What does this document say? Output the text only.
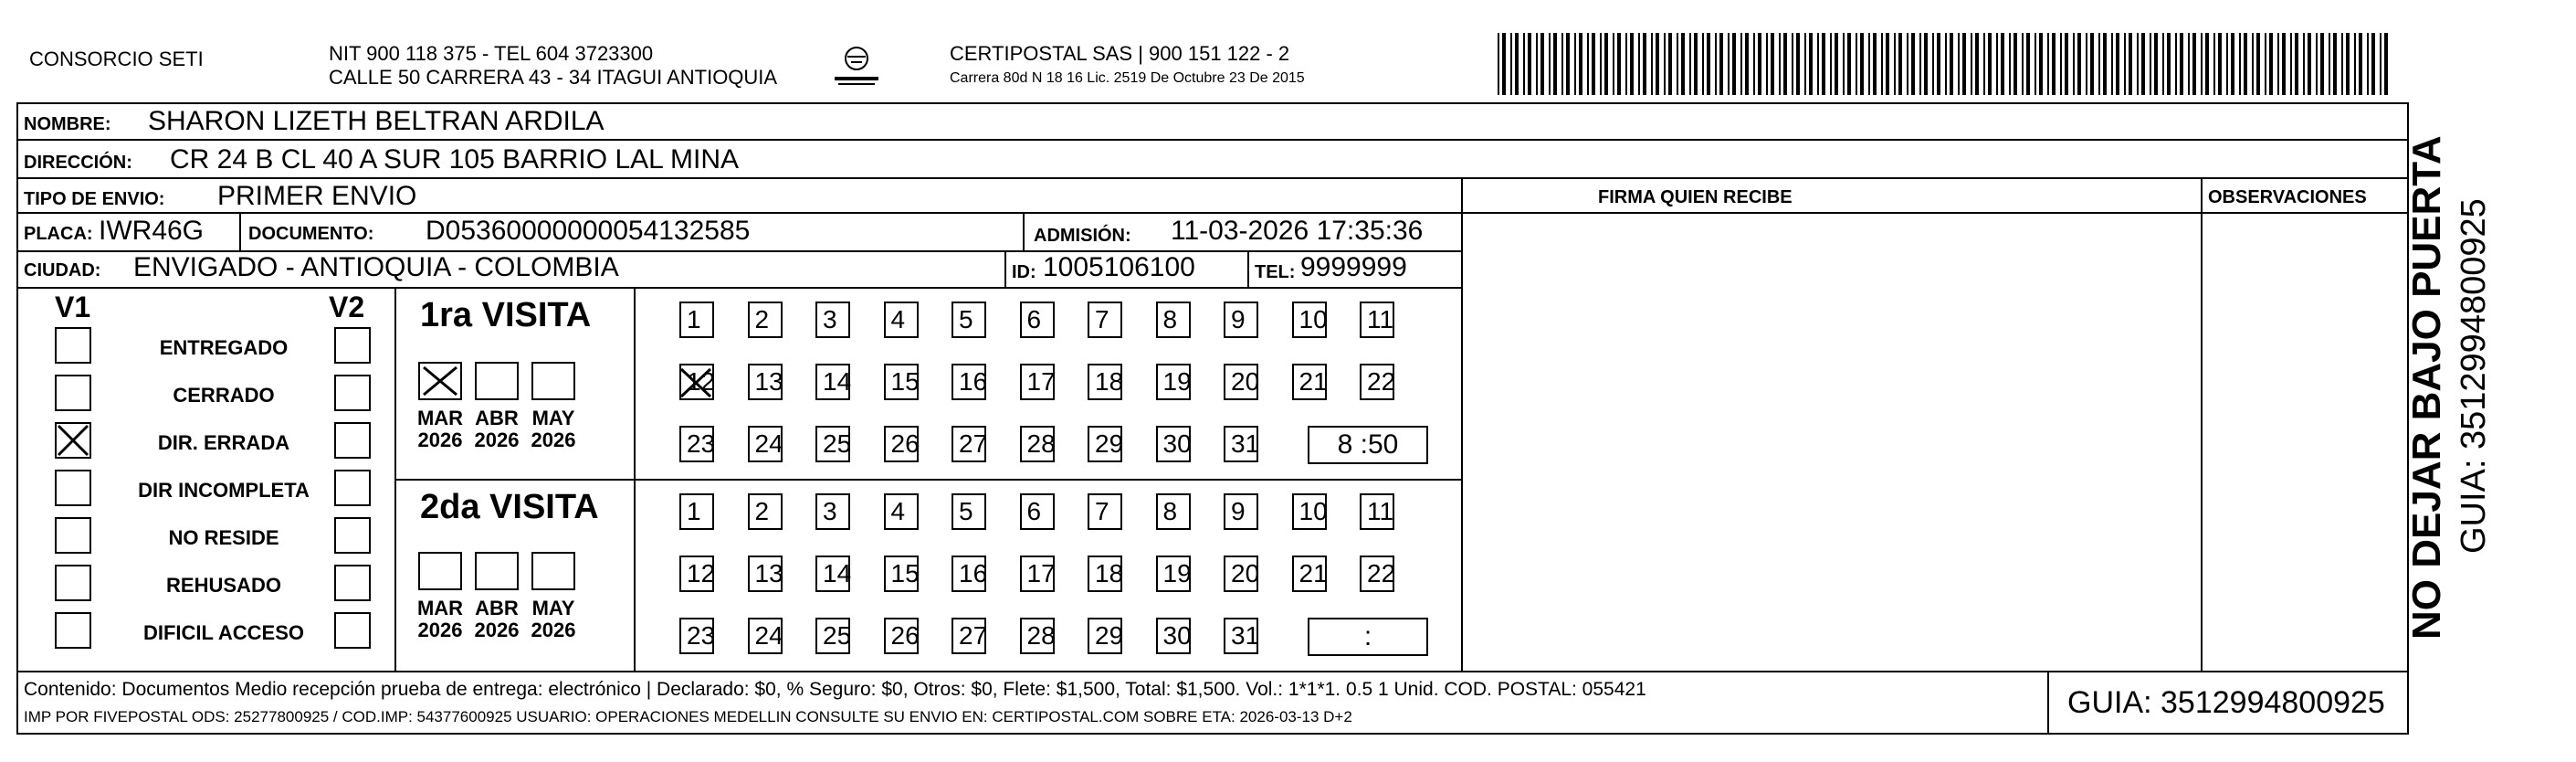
CONSORCIO SETI	NIT 900 118 375 - TEL 604 3723300
CALLE 50 CARRERA 43 - 34 ITAGUI ANTIOQUIA
CERTIPOSTAL SAS | 900 151 122 - 2
Carrera 80d N 18 16 Lic. 2519 De Octubre 23 De 2015
NOMBRE: SHARON LIZETH BELTRAN ARDILA
DIRECCIÓN: CR 24 B CL 40 A SUR 105 BARRIO LAL MINA
TIPO DE ENVIO: PRIMER ENVIO	FIRMA QUIEN RECIBE	OBSERVACIONES
PLACA: IWR46G DOCUMENTO: D05360000000054132585	ADMISIÓN: 11-03-2026 17:35:36
CIUDAD: ENVIGADO - ANTIOQUIA - COLOMBIA	ID: 1005106100	TEL: 9999999
V1	V2
ENTREGADO
CERRADO
DIR. ERRADA
DIR INCOMPLETA
NO RESIDE
REHUSADO
DIFICIL ACCESO
1ra VISITA
MAR
2026
ABR
2026
MAY
2026
1	2	3	4	5	6	7	8	9	10 11
12 13 14 15 16 17 18 19 20 21 22
23 24 25 26 27 28 29 30 31	8 :50
2da VISITA
MAR
2026
ABR
2026
MAY
2026
1	2	3	4	5	6	7	8	9	10 11
12 13 14 15 16 17 18 19 20 21 22
23 24 25 26 27 28 29 30 31	:
Contenido: Documentos Medio recepción prueba de entrega: electrónico | Declarado: $0, % Seguro: $0, Otros: $0, Flete: $1,500, Total: $1,500. Vol.: 1*1*1. 0.5 1 Unid. COD. POSTAL: 055421
IMP POR FIVEPOSTAL ODS: 25277800925 / COD.IMP: 54377600925 USUARIO: OPERACIONES MEDELLIN CONSULTE SU ENVIO EN: CERTIPOSTAL.COM SOBRE ETA: 2026-03-13 D+2	GUIA: 3512994800925
NO DEJAR BAJO PUERTA GUIA: 3512994800925
